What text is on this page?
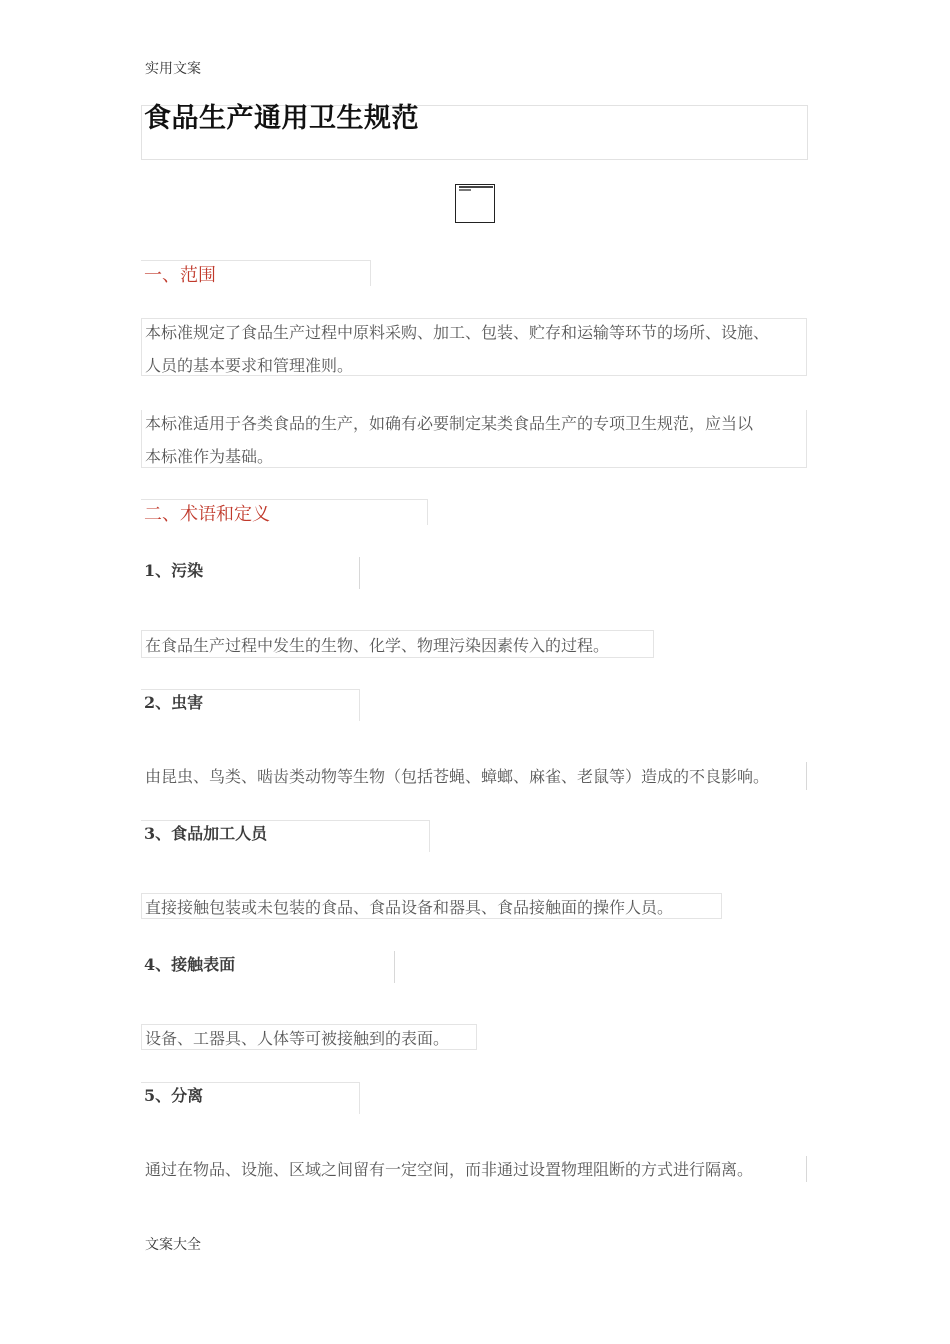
实用文案
食品生产通用卫生规范
一、范围
本标准规定了食品生产过程中原料采购、加工、包装、贮存和运输等环节的场所、设施、
人员的基本要求和管理准则。
本标准适用于各类食品的生产，如确有必要制定某类食品生产的专项卫生规范，应当以
本标准作为基础。
二、术语和定义
1、污染
在食品生产过程中发生的生物、化学、物理污染因素传入的过程。
2、虫害
由昆虫、鸟类、啮齿类动物等生物（包括苍蝇、蟑螂、麻雀、老鼠等）造成的不良影响。
3、食品加工人员
直接接触包装或未包装的食品、食品设备和器具、食品接触面的操作人员。
4、接触表面
设备、工器具、人体等可被接触到的表面。
5、分离
通过在物品、设施、区域之间留有一定空间，而非通过设置物理阻断的方式进行隔离。
文案大全
